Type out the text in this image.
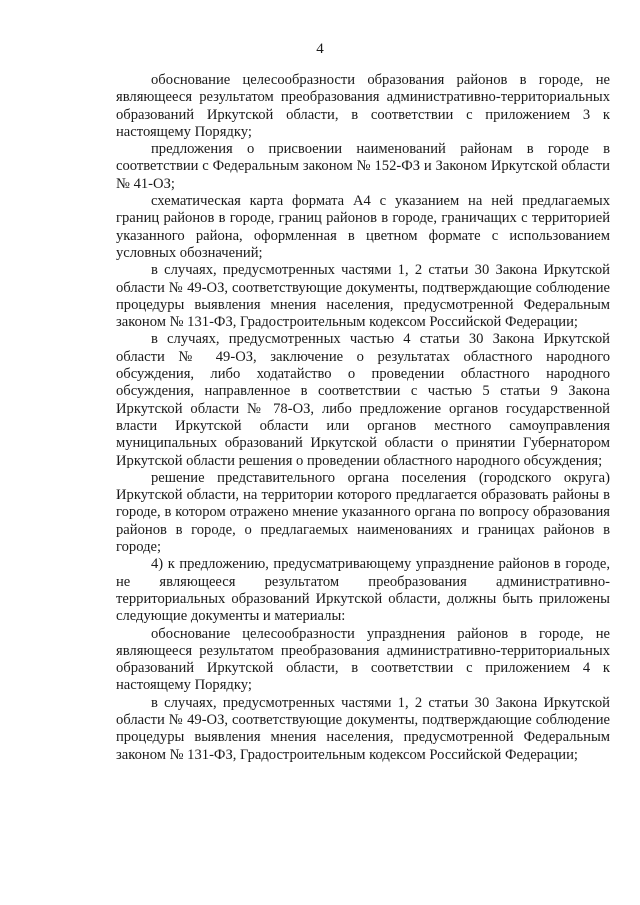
4

обоснование целесообразности образования районов в городе, не являющееся результатом преобразования административно-территориальных образований Иркутской области, в соответствии с приложением 3 к настоящему Порядку;

предложения о присвоении наименований районам в городе в соответствии с Федеральным законом № 152-ФЗ и Законом Иркутской области № 41-ОЗ;

схематическая карта формата А4 с указанием на ней предлагаемых границ районов в городе, границ районов в городе, граничащих с территорией указанного района, оформленная в цветном формате с использованием условных обозначений;

в случаях, предусмотренных частями 1, 2 статьи 30 Закона Иркутской области № 49-ОЗ, соответствующие документы, подтверждающие соблюдение процедуры выявления мнения населения, предусмотренной Федеральным законом № 131-ФЗ, Градостроительным кодексом Российской Федерации;

в случаях, предусмотренных частью 4 статьи 30 Закона Иркутской области № 49-ОЗ, заключение о результатах областного народного обсуждения, либо ходатайство о проведении областного народного обсуждения, направленное в соответствии с частью 5 статьи 9 Закона Иркутской области № 78-ОЗ, либо предложение органов государственной власти Иркутской области или органов местного самоуправления муниципальных образований Иркутской области о принятии Губернатором Иркутской области решения о проведении областного народного обсуждения;

решение представительного органа поселения (городского округа) Иркутской области, на территории которого предлагается образовать районы в городе, в котором отражено мнение указанного органа по вопросу образования районов в городе, о предлагаемых наименованиях и границах районов в городе;

4) к предложению, предусматривающему упразднение районов в городе, не являющееся результатом преобразования административно-территориальных образований Иркутской области, должны быть приложены следующие документы и материалы:

обоснование целесообразности упразднения районов в городе, не являющееся результатом преобразования административно-территориальных образований Иркутской области, в соответствии с приложением 4 к настоящему Порядку;

в случаях, предусмотренных частями 1, 2 статьи 30 Закона Иркутской области № 49-ОЗ, соответствующие документы, подтверждающие соблюдение процедуры выявления мнения населения, предусмотренной Федеральным законом № 131-ФЗ, Градостроительным кодексом Российской Федерации;
